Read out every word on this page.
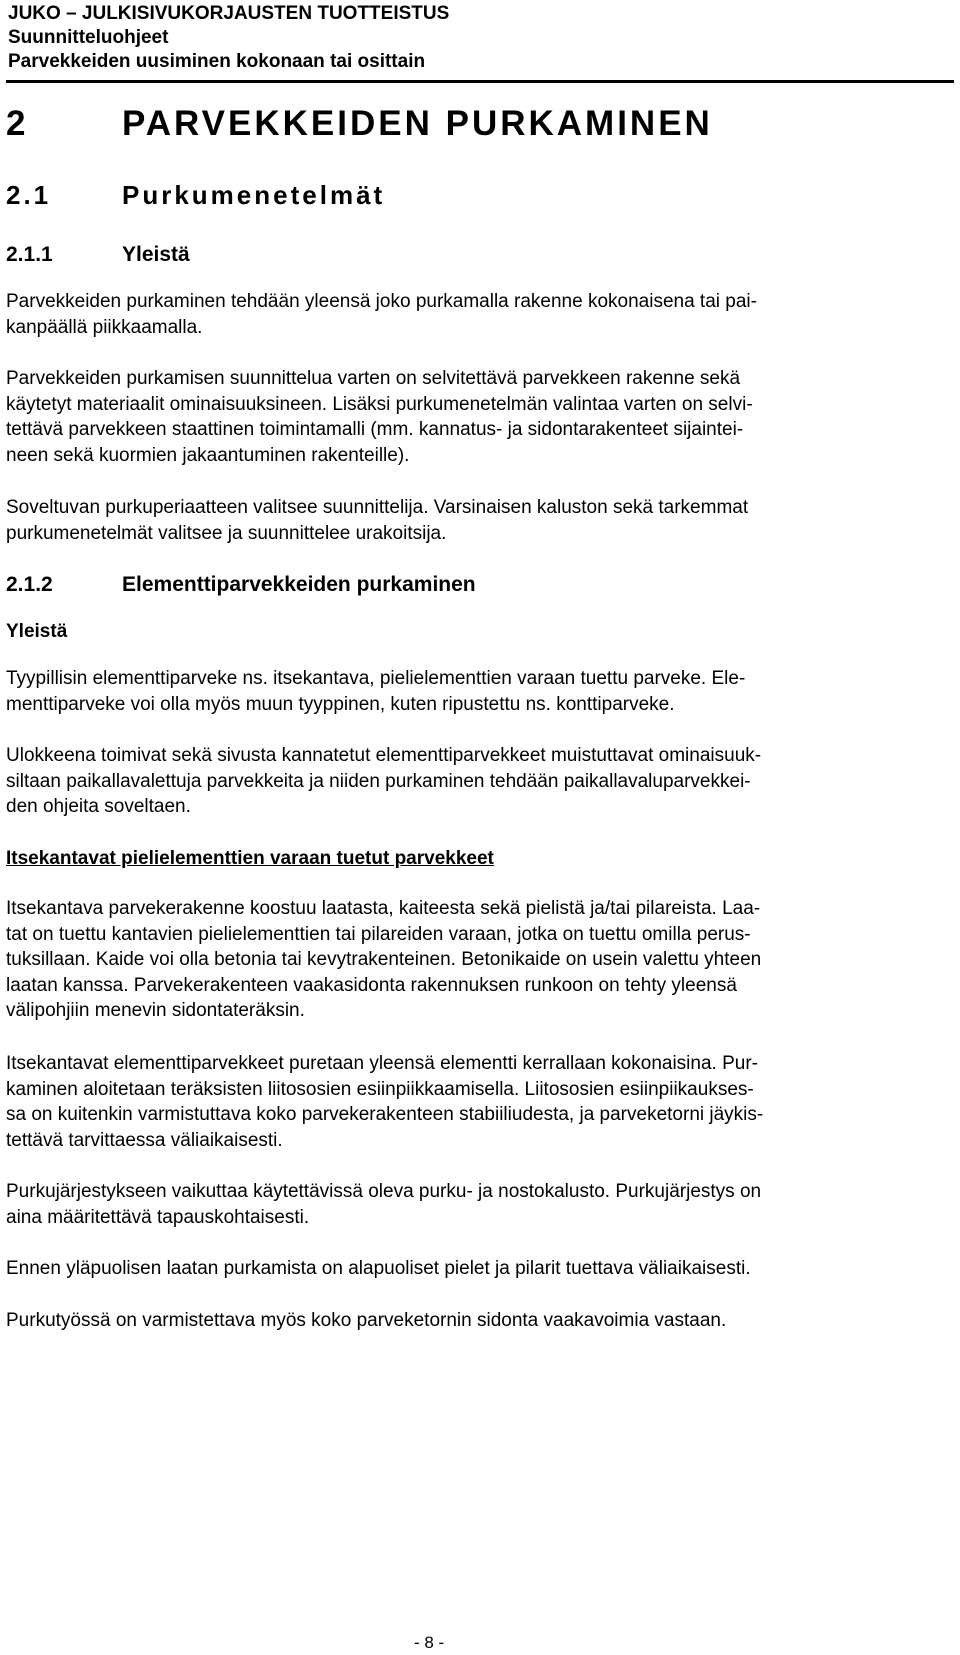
JUKO – JULKISIVUKORJAUSTEN TUOTTEISTUS
Suunnitteluohjeet
Parvekkeiden uusiminen kokonaan tai osittain
2	PARVEKKEIDEN PURKAMINEN
2.1	Purkumenetelmät
2.1.1	Yleistä
Parvekkeiden purkaminen tehdään yleensä joko purkamalla rakenne kokonaisena tai pai-
kanpäällä piikkaamalla.
Parvekkeiden purkamisen suunnittelua varten on selvitettävä parvekkeen rakenne sekä
käytetyt materiaalit ominaisuuksineen. Lisäksi purkumenetelmän valintaa varten on selvi-
tettävä parvekkeen staattinen toimintamalli (mm. kannatus- ja sidontarakenteet sijaintei-
neen sekä kuormien jakaantuminen rakenteille).
Soveltuvan purkuperiaatteen valitsee suunnittelija. Varsinaisen kaluston sekä tarkemmat
purkumenetelmät valitsee ja suunnittelee urakoitsija.
2.1.2	Elementtiparvekkeiden purkaminen
Yleistä
Tyypillisin elementtiparveke ns. itsekantava, pielielementtien varaan tuettu parveke. Ele-
menttiparveke voi olla myös muun tyyppinen, kuten ripustettu ns. konttiparveke.
Ulokkeena toimivat sekä sivusta kannatetut elementtiparvekkeet muistuttavat ominaisuuk-
siltaan paikallavalettuja parvekkeita ja niiden purkaminen tehdään paikallavaluparvekkei-
den ohjeita soveltaen.
Itsekantavat pielielementtien varaan tuetut parvekkeet
Itsekantava parvekerakenne koostuu laatasta, kaiteesta sekä pielistä ja/tai pilareista. Laa-
tat on tuettu kantavien pielielementtien tai pilareiden varaan, jotka on tuettu omilla perus-
tuksillaan. Kaide voi olla betonia tai kevytrakenteinen. Betonikaide on usein valettu yhteen
laatan kanssa. Parvekerakenteen vaakasidonta rakennuksen runkoon on tehty yleensä
välipohjiin menevin sidontateräksin.
Itsekantavat elementtiparvekkeet puretaan yleensä elementti kerrallaan kokonaisina. Pur-
kaminen aloitetaan teräksisten liitososien esiinpiikkaamisella. Liitososien esiinpiikaukses-
sa on kuitenkin varmistuttava koko parvekerakenteen stabiiliudesta, ja parveketorni jäykis-
tettävä tarvittaessa väliaikaisesti.
Purkujärjestykseen vaikuttaa käytettävissä oleva purku- ja nostokalusto. Purkujärjestys on
aina määritettävä tapauskohtaisesti.
Ennen yläpuolisen laatan purkamista on alapuoliset pielet ja pilarit tuettava väliaikaisesti.
Purkutyössä on varmistettava myös koko parveketornin sidonta vaakavoimia vastaan.
- 8 -
